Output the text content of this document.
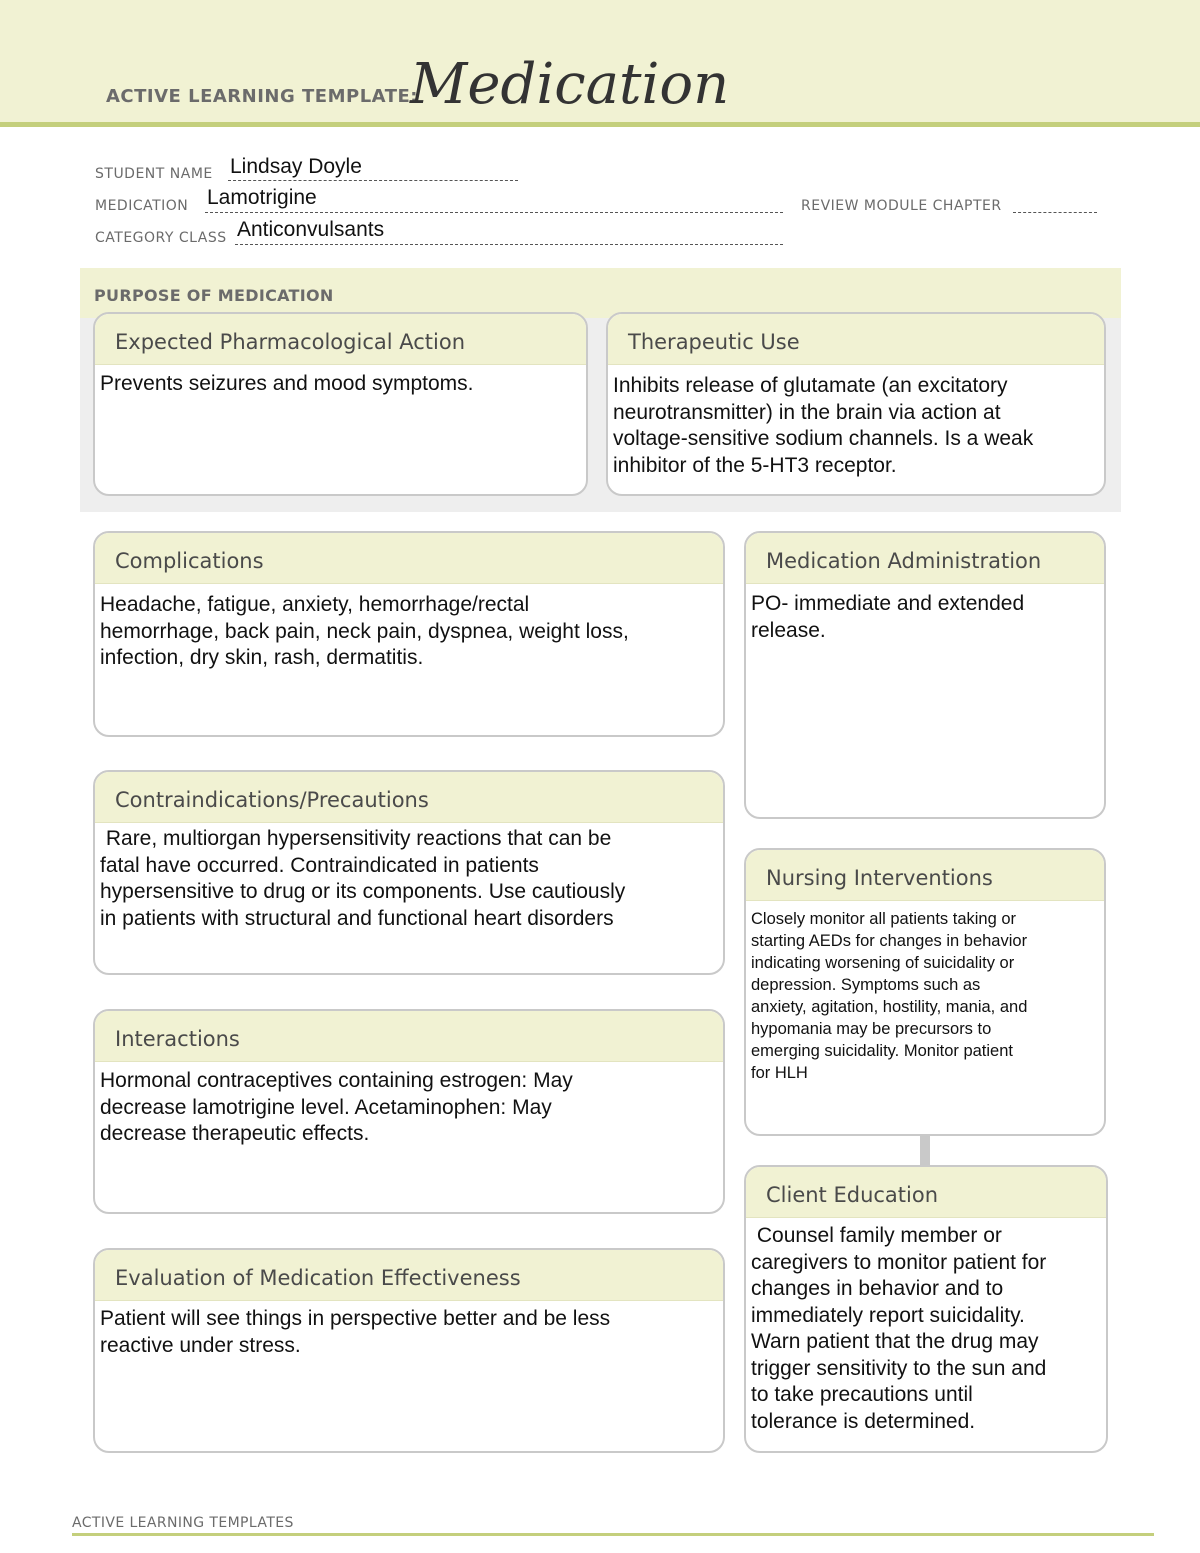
ACTIVE LEARNING TEMPLATE:
Medication
STUDENT NAME Lindsay Doyle
MEDICATION Lamotrigine	REVIEW MODULE CHAPTER
CATEGORY CLASS Anticonvulsants
PURPOSE OF MEDICATION
Expected Pharmacological Action
Prevents seizures and mood symptoms.
Therapeutic Use
Inhibits release of glutamate (an excitatory
neurotransmitter) in the brain via action at
voltage-sensitive sodium channels. Is a weak
inhibitor of the 5-HT3 receptor.
Complications
Headache, fatigue, anxiety, hemorrhage/rectal
hemorrhage, back pain, neck pain, dyspnea, weight loss,
infection, dry skin, rash, dermatitis.
Medication Administration
PO- immediate and extended
release.
Contraindications/Precautions
Rare, multiorgan hypersensitivity reactions that can be
fatal have occurred. Contraindicated in patients
hypersensitive to drug or its components. Use cautiously
in patients with structural and functional heart disorders
Nursing Interventions
Closely monitor all patients taking or
starting AEDs for changes in behavior
indicating worsening of suicidality or
depression. Symptoms such as
anxiety, agitation, hostility, mania, and
hypomania may be precursors to
emerging suicidality. Monitor patient
for HLH
Interactions
Hormonal contraceptives containing estrogen: May
decrease lamotrigine level. Acetaminophen: May
decrease therapeutic effects.
Client Education
Counsel family member or
caregivers to monitor patient for
changes in behavior and to
immediately report suicidality.
Warn patient that the drug may
trigger sensitivity to the sun and
to take precautions until
tolerance is determined.
Evaluation of Medication Effectiveness
Patient will see things in perspective better and be less
reactive under stress.
ACTIVE LEARNING TEMPLATES
